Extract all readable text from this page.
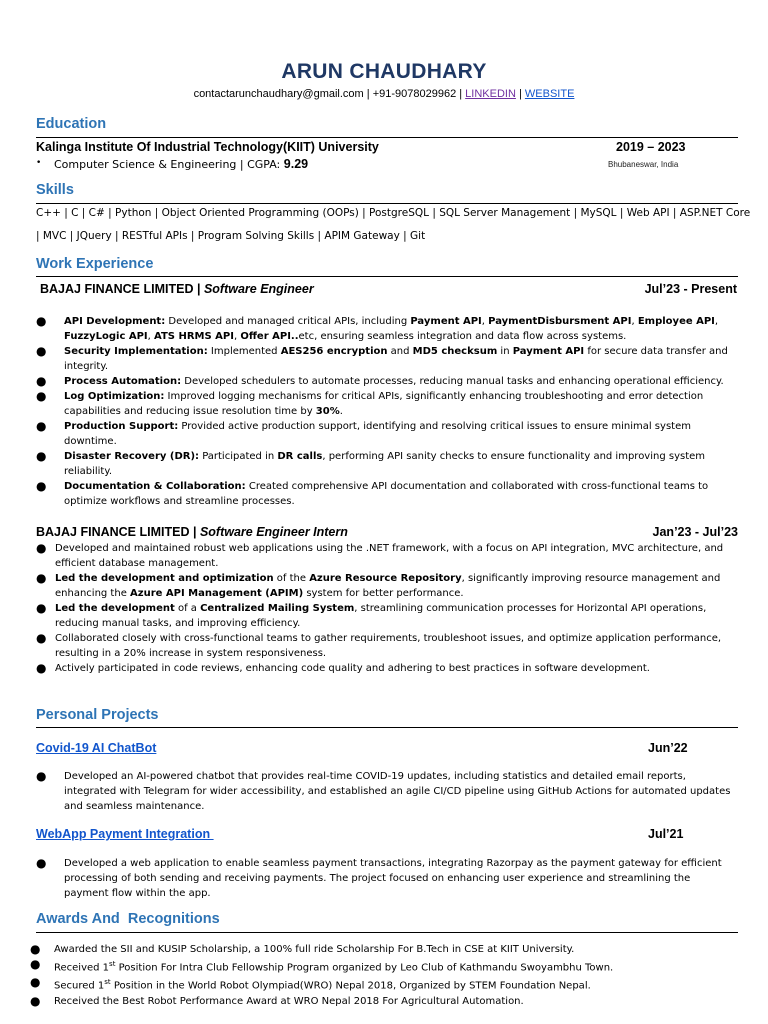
ARUN CHAUDHARY
contactarunchaudhary@gmail.com | +91-9078029962 | LINKEDIN | WEBSITE
Education
Kalinga Institute Of Industrial Technology(KIIT) University	2019 – 2023
• Computer Science & Engineering | CGPA: 9.29	Bhubaneswar, India
Skills
C++ | C | C# | Python | Object Oriented Programming (OOPs) | PostgreSQL | SQL Server Management | MySQL | Web API | ASP.NET Core | MVC | JQuery | RESTful APIs | Program Solving Skills | APIM Gateway | Git
Work Experience
BAJAJ FINANCE LIMITED | Software Engineer	Jul’23 - Present
● API Development: Developed and managed critical APIs, including Payment API, PaymentDisbursment API, Employee API, FuzzyLogic API, ATS HRMS API, Offer API..etc, ensuring seamless integration and data flow across systems.
● Security Implementation: Implemented AES256 encryption and MD5 checksum in Payment API for secure data transfer and integrity.
● Process Automation: Developed schedulers to automate processes, reducing manual tasks and enhancing operational efficiency.
● Log Optimization: Improved logging mechanisms for critical APIs, significantly enhancing troubleshooting and error detection capabilities and reducing issue resolution time by 30%.
● Production Support: Provided active production support, identifying and resolving critical issues to ensure minimal system downtime.
● Disaster Recovery (DR): Participated in DR calls, performing API sanity checks to ensure functionality and improving system reliability.
● Documentation & Collaboration: Created comprehensive API documentation and collaborated with cross-functional teams to optimize workflows and streamline processes.
BAJAJ FINANCE LIMITED | Software Engineer Intern	Jan’23 - Jul’23
● Developed and maintained robust web applications using the .NET framework, with a focus on API integration, MVC architecture, and efficient database management.
● Led the development and optimization of the Azure Resource Repository, significantly improving resource management and enhancing the Azure API Management (APIM) system for better performance.
● Led the development of a Centralized Mailing System, streamlining communication processes for Horizontal API operations, reducing manual tasks, and improving efficiency.
● Collaborated closely with cross-functional teams to gather requirements, troubleshoot issues, and optimize application performance, resulting in a 20% increase in system responsiveness.
● Actively participated in code reviews, enhancing code quality and adhering to best practices in software development.
Personal Projects
Covid-19 AI ChatBot	Jun’22
● Developed an AI-powered chatbot that provides real-time COVID-19 updates, including statistics and detailed email reports, integrated with Telegram for wider accessibility, and established an agile CI/CD pipeline using GitHub Actions for automated updates and seamless maintenance.
WebApp Payment Integration	Jul’21
● Developed a web application to enable seamless payment transactions, integrating Razorpay as the payment gateway for efficient processing of both sending and receiving payments. The project focused on enhancing user experience and streamlining the payment flow within the app.
Awards And  Recognitions
● Awarded the SII and KUSIP Scholarship, a 100% full ride Scholarship For B.Tech in CSE at KIIT University.
● Received 1st Position For Intra Club Fellowship Program organized by Leo Club of Kathmandu Swoyambhu Town.
● Secured 1st Position in the World Robot Olympiad(WRO) Nepal 2018, Organized by STEM Foundation Nepal.
● Received the Best Robot Performance Award at WRO Nepal 2018 For Agricultural Automation.
